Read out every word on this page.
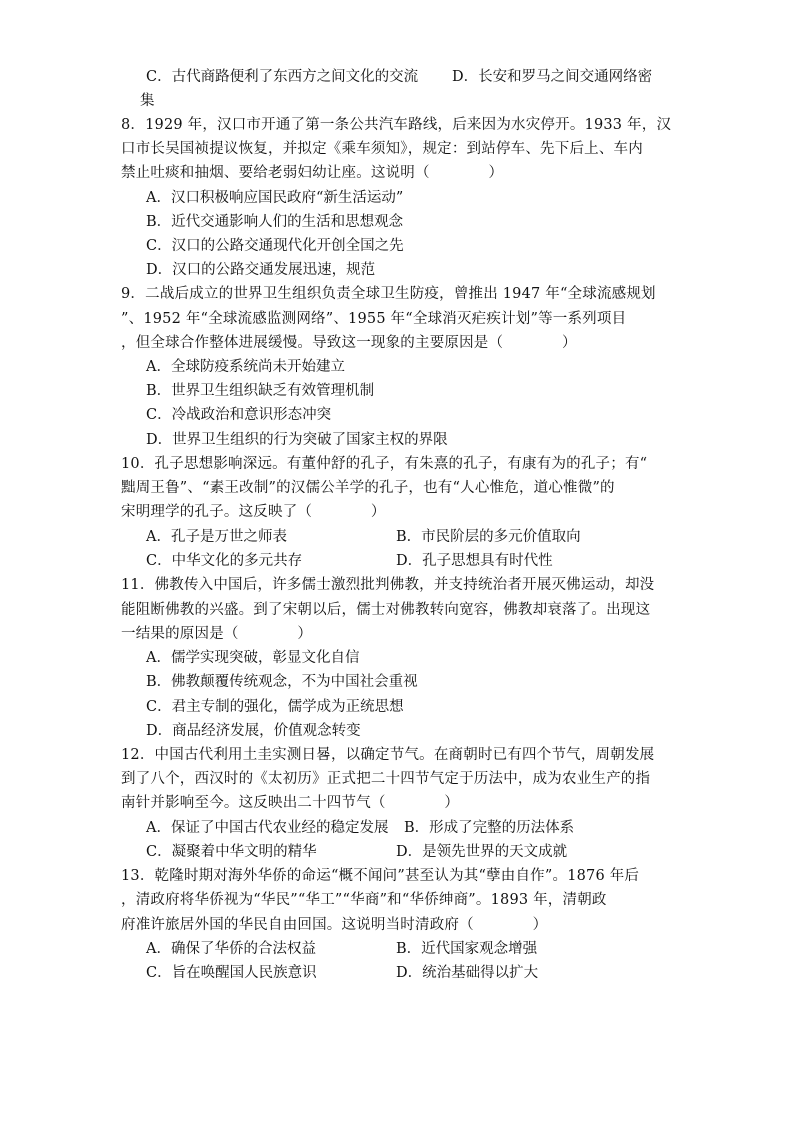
C．古代商路便利了东西方之间文化的交流 D．长安和罗马之间交通网络密
集
8．1929 年，汉口市开通了第一条公共汽车路线，后来因为水灾停开。1933 年，汉
口市长吴国祯提议恢复，并拟定《乘车须知》，规定：到站停车、先下后上、车内
禁止吐痰和抽烟、要给老弱妇幼让座。这说明（　　　　）
A．汉口积极响应国民政府“新生活运动”
B．近代交通影响人们的生活和思想观念
C．汉口的公路交通现代化开创全国之先
D．汉口的公路交通发展迅速，规范
9．二战后成立的世界卫生组织负责全球卫生防疫，曾推出 1947 年“全球流感规划
”、1952 年“全球流感监测网络”、1955 年“全球消灭疟疾计划”等一系列项目
，但全球合作整体进展缓慢。导致这一现象的主要原因是（　　　　）
A．全球防疫系统尚未开始建立
B．世界卫生组织缺乏有效管理机制
C．冷战政治和意识形态冲突
D．世界卫生组织的行为突破了国家主权的界限
10．孔子思想影响深远。有董仲舒的孔子，有朱熹的孔子，有康有为的孔子；有“
黜周王鲁”、“素王改制”的汉儒公羊学的孔子，也有“人心惟危，道心惟微”的
宋明理学的孔子。这反映了（　　　　）
A．孔子是万世之师表	B．市民阶层的多元价值取向
C．中华文化的多元共存	D．孔子思想具有时代性
11．佛教传入中国后，许多儒士激烈批判佛教，并支持统治者开展灭佛运动，却没
能阻断佛教的兴盛。到了宋朝以后，儒士对佛教转向宽容，佛教却衰落了。出现这
一结果的原因是（　　　　）
A．儒学实现突破，彰显文化自信
B．佛教颠覆传统观念，不为中国社会重视
C．君主专制的强化，儒学成为正统思想
D．商品经济发展，价值观念转变
12．中国古代利用土圭实测日晷，以确定节气。在商朝时已有四个节气，周朝发展
到了八个，西汉时的《太初历》正式把二十四节气定于历法中，成为农业生产的指
南针并影响至今。这反映出二十四节气（　　　　）
A．保证了中国古代农业经的稳定发展 B．形成了完整的历法体系
C．凝聚着中华文明的精华	D．是领先世界的天文成就
13．乾隆时期对海外华侨的命运“概不闻问”甚至认为其“孽由自作”。1876 年后
，清政府将华侨视为“华民”“华工”“华商”和“华侨绅商”。1893 年，清朝政
府准许旅居外国的华民自由回国。这说明当时清政府（　　　　）
A．确保了华侨的合法权益	B．近代国家观念增强
C．旨在唤醒国人民族意识	D．统治基础得以扩大
